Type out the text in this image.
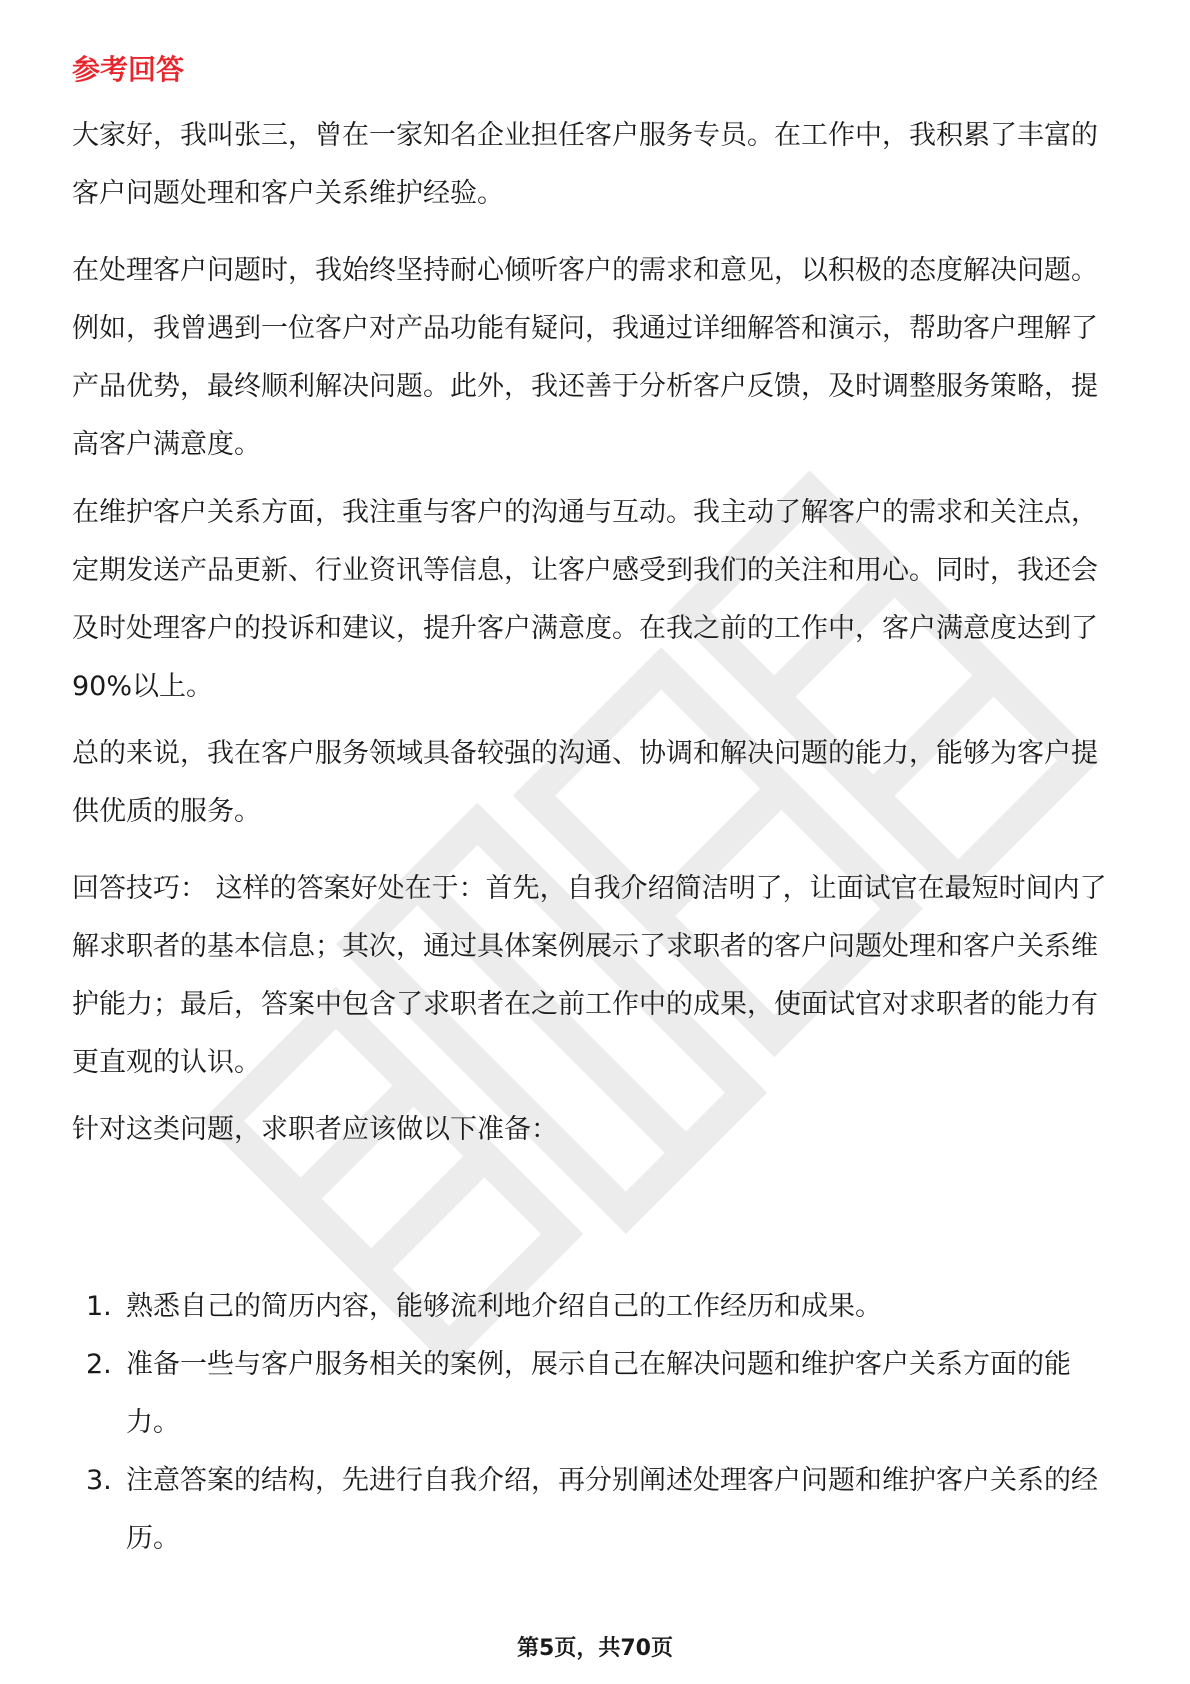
参考回答

大家好，我叫张三，曾在一家知名企业担任客户服务专员。在工作中，我积累了丰富的客户问题处理和客户关系维护经验。

在处理客户问题时，我始终坚持耐心倾听客户的需求和意见，以积极的态度解决问题。例如，我曾遇到一位客户对产品功能有疑问，我通过详细解答和演示，帮助客户理解了产品优势，最终顺利解决问题。此外，我还善于分析客户反馈，及时调整服务策略，提高客户满意度。

在维护客户关系方面，我注重与客户的沟通与互动。我主动了解客户的需求和关注点，定期发送产品更新、行业资讯等信息，让客户感受到我们的关注和用心。同时，我还会及时处理客户的投诉和建议，提升客户满意度。在我之前的工作中，客户满意度达到了90%以上。

总的来说，我在客户服务领域具备较强的沟通、协调和解决问题的能力，能够为客户提供优质的服务。

回答技巧： 这样的答案好处在于：首先，自我介绍简洁明了，让面试官在最短时间内了解求职者的基本信息；其次，通过具体案例展示了求职者的客户问题处理和客户关系维护能力；最后，答案中包含了求职者在之前工作中的成果，使面试官对求职者的能力有更直观的认识。

针对这类问题，求职者应该做以下准备：

1. 熟悉自己的简历内容，能够流利地介绍自己的工作经历和成果。
2. 准备一些与客户服务相关的案例，展示自己在解决问题和维护客户关系方面的能力。
3. 注意答案的结构，先进行自我介绍，再分别阐述处理客户问题和维护客户关系的经历。
第5页，共70页
